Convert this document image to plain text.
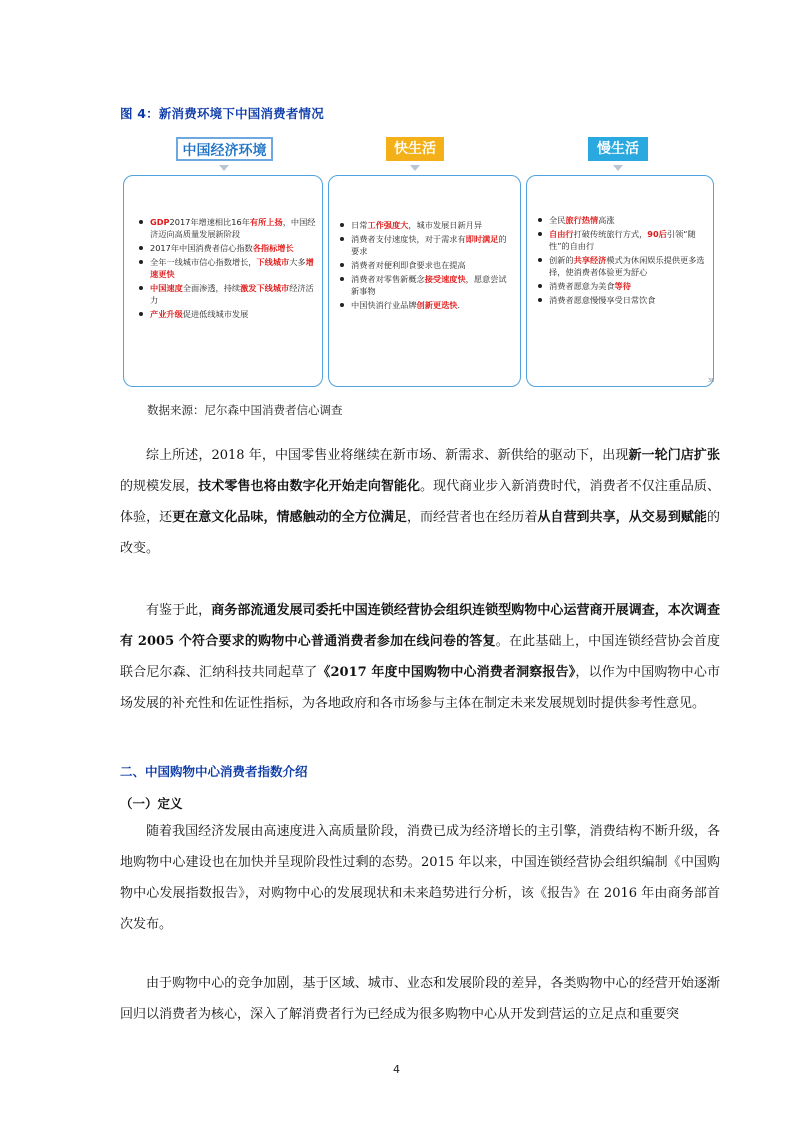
图 4：新消费环境下中国消费者情况
中国经济环境	快生活	慢生活
GDP2017年增速相比16年有所上扬，中国经济迈向高质量发展新阶段
2017年中国消费者信心指数各指标增长
全年一线城市信心指数增长，下线城市大多增速更快
中国速度全面渗透，持续激发下线城市经济活力
产业升级促进低线城市发展
日常工作强度大，城市发展日新月异
消费者支付速度快，对于需求有即时满足的要求
消费者对便利即食要求也在提高
消费者对零售新概念接受速度快，愿意尝试新事物
中国快消行业品牌创新更迭快.
全民旅行热情高涨
自由行打破传统旅行方式，90后引领“随性”的自由行
创新的共享经济模式为休闲娱乐提供更多选择，使消费者体验更为舒心
消费者愿意为美食等待
消费者愿意慢慢享受日常饮食
38
数据来源：尼尔森中国消费者信心调查

综上所述，2018 年，中国零售业将继续在新市场、新需求、新供给的驱动下，出现新一轮门店扩张的规模发展，技术零售也将由数字化开始走向智能化。现代商业步入新消费时代，消费者不仅注重品质、体验，还更在意文化品味，情感触动的全方位满足，而经营者也在经历着从自营到共享，从交易到赋能的改变。

有鉴于此，商务部流通发展司委托中国连锁经营协会组织连锁型购物中心运营商开展调查，本次调查有 2005 个符合要求的购物中心普通消费者参加在线问卷的答复。在此基础上，中国连锁经营协会首度联合尼尔森、汇纳科技共同起草了《2017 年度中国购物中心消费者洞察报告》，以作为中国购物中心市场发展的补充性和佐证性指标，为各地政府和各市场参与主体在制定未来发展规划时提供参考性意见。

二、中国购物中心消费者指数介绍
（一）定义

随着我国经济发展由高速度进入高质量阶段，消费已成为经济增长的主引擎，消费结构不断升级，各地购物中心建设也在加快并呈现阶段性过剩的态势。2015 年以来，中国连锁经营协会组织编制《中国购物中心发展指数报告》，对购物中心的发展现状和未来趋势进行分析，该《报告》在 2016 年由商务部首次发布。

由于购物中心的竞争加剧，基于区域、城市、业态和发展阶段的差异，各类购物中心的经营开始逐渐回归以消费者为核心，深入了解消费者行为已经成为很多购物中心从开发到营运的立足点和重要突

4
